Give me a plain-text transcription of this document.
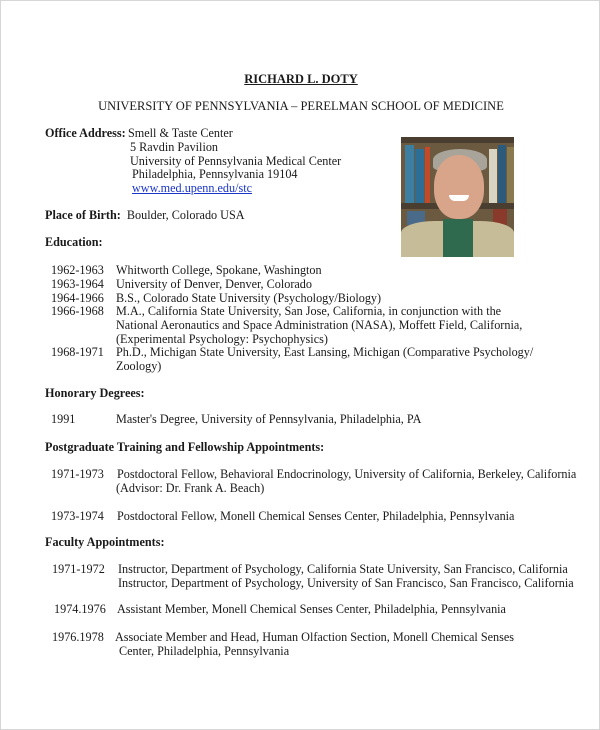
RICHARD L. DOTY
UNIVERSITY OF PENNSYLVANIA – PERELMAN SCHOOL OF MEDICINE
Office Address: Smell & Taste Center
5 Ravdin Pavilion
University of Pennsylvania Medical Center
Philadelphia, Pennsylvania 19104
www.med.upenn.edu/stc
Place of Birth: Boulder, Colorado USA
Education:
1962-1963 Whitworth College, Spokane, Washington
1963-1964 University of Denver, Denver, Colorado
1964-1966 B.S., Colorado State University (Psychology/Biology)
1966-1968 M.A., California State University, San Jose, California, in conjunction with the
National Aeronautics and Space Administration (NASA), Moffett Field, California,
(Experimental Psychology: Psychophysics)
1968-1971 Ph.D., Michigan State University, East Lansing, Michigan (Comparative Psychology/
Zoology)
Honorary Degrees:
1991	Master's Degree, University of Pennsylvania, Philadelphia, PA
Postgraduate Training and Fellowship Appointments:
1971-1973 Postdoctoral Fellow, Behavioral Endocrinology, University of California, Berkeley, California
(Advisor: Dr. Frank A. Beach)
1973-1974 Postdoctoral Fellow, Monell Chemical Senses Center, Philadelphia, Pennsylvania
Faculty Appointments:
1971-1972 Instructor, Department of Psychology, California State University, San Francisco, California
Instructor, Department of Psychology, University of San Francisco, San Francisco, California
1974.1976 Assistant Member, Monell Chemical Senses Center, Philadelphia, Pennsylvania
1976.1978 Associate Member and Head, Human Olfaction Section, Monell Chemical Senses
Center, Philadelphia, Pennsylvania
